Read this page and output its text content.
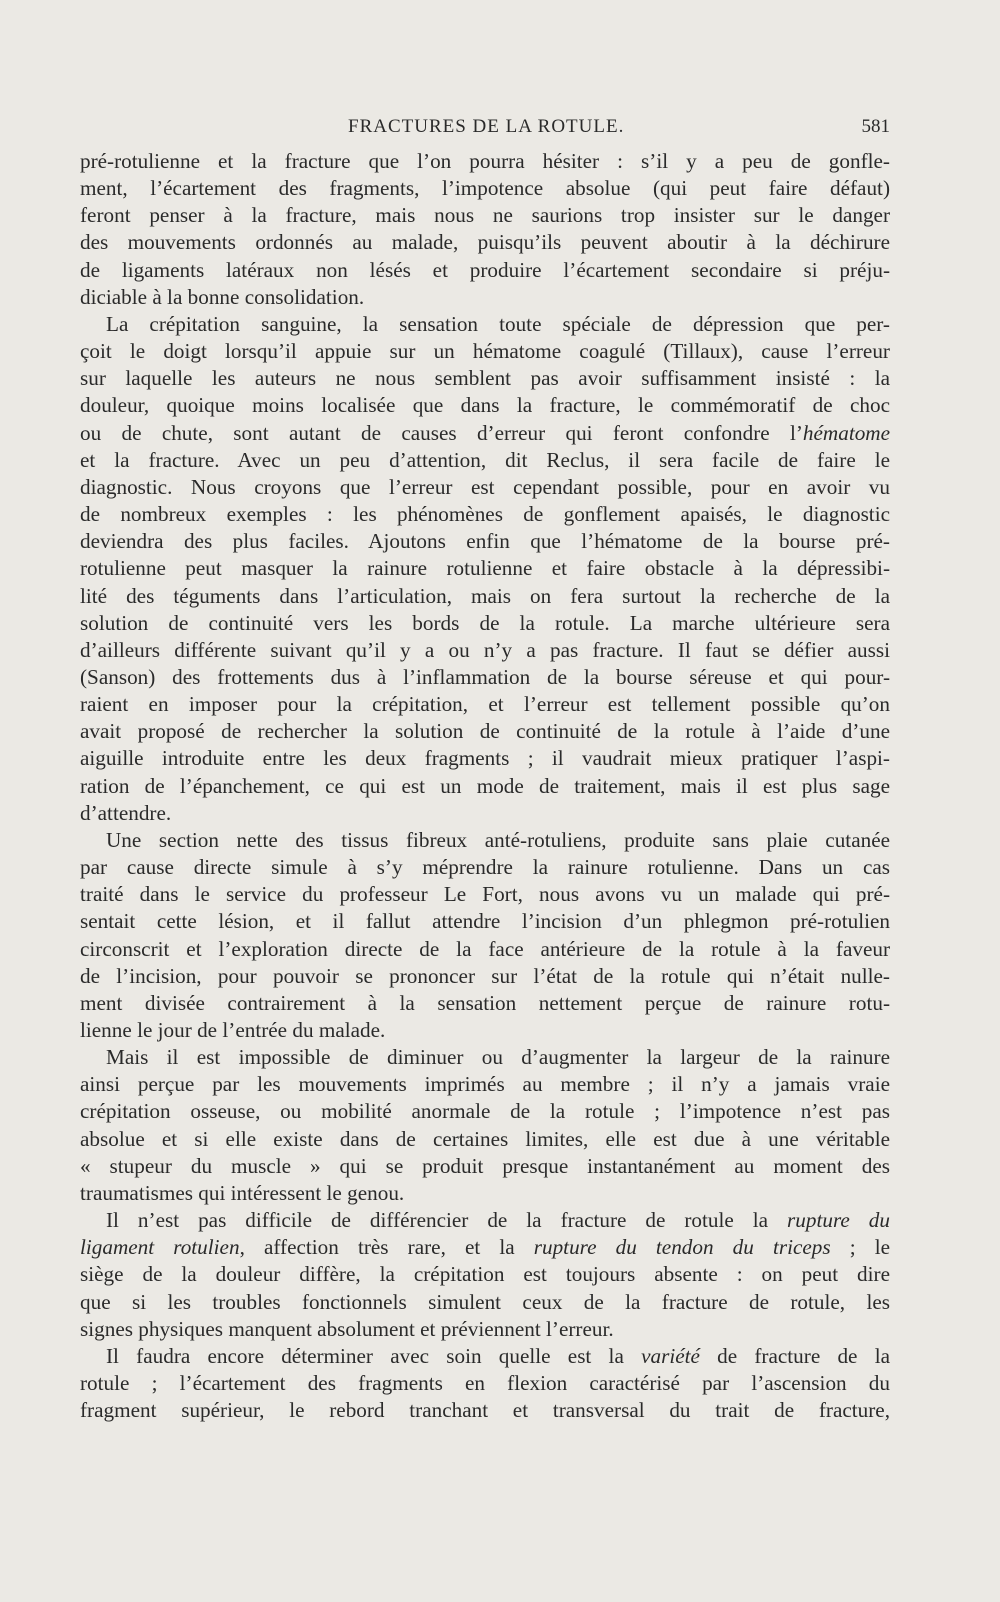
FRACTURES DE LA ROTULE.	581
pré-rotulienne et la fracture que l’on pourra hésiter : s’il y a peu de gonfle-
ment, l’écartement des fragments, l’impotence absolue (qui peut faire défaut)
feront penser à la fracture, mais nous ne saurions trop insister sur le danger
des mouvements ordonnés au malade, puisqu’ils peuvent aboutir à la déchirure
de ligaments latéraux non lésés et produire l’écartement secondaire si préju-
diciable à la bonne consolidation.
La crépitation sanguine, la sensation toute spéciale de dépression que per-
çoit le doigt lorsqu’il appuie sur un hématome coagulé (Tillaux), cause l’erreur
sur laquelle les auteurs ne nous semblent pas avoir suffisamment insisté : la
douleur, quoique moins localisée que dans la fracture, le commémoratif de choc
ou de chute, sont autant de causes d’erreur qui feront confondre l’hématome
et la fracture. Avec un peu d’attention, dit Reclus, il sera facile de faire le
diagnostic. Nous croyons que l’erreur est cependant possible, pour en avoir vu
de nombreux exemples : les phénomènes de gonflement apaisés, le diagnostic
deviendra des plus faciles. Ajoutons enfin que l’hématome de la bourse pré-
rotulienne peut masquer la rainure rotulienne et faire obstacle à la dépressibi-
lité des téguments dans l’articulation, mais on fera surtout la recherche de la
solution de continuité vers les bords de la rotule. La marche ultérieure sera
d’ailleurs différente suivant qu’il y a ou n’y a pas fracture. Il faut se défier aussi
(Sanson) des frottements dus à l’inflammation de la bourse séreuse et qui pour-
raient en imposer pour la crépitation, et l’erreur est tellement possible qu’on
avait proposé de rechercher la solution de continuité de la rotule à l’aide d’une
aiguille introduite entre les deux fragments ; il vaudrait mieux pratiquer l’aspi-
ration de l’épanchement, ce qui est un mode de traitement, mais il est plus sage
d’attendre.
Une section nette des tissus fibreux anté-rotuliens, produite sans plaie cutanée
par cause directe simule à s’y méprendre la rainure rotulienne. Dans un cas
traité dans le service du professeur Le Fort, nous avons vu un malade qui pré-
sentait cette lésion, et il fallut attendre l’incision d’un phlegmon pré-rotulien
circonscrit et l’exploration directe de la face antérieure de la rotule à la faveur
de l’incision, pour pouvoir se prononcer sur l’état de la rotule qui n’était nulle-
ment divisée contrairement à la sensation nettement perçue de rainure rotu-
lienne le jour de l’entrée du malade.
Mais il est impossible de diminuer ou d’augmenter la largeur de la rainure
ainsi perçue par les mouvements imprimés au membre ; il n’y a jamais vraie
crépitation osseuse, ou mobilité anormale de la rotule ; l’impotence n’est pas
absolue et si elle existe dans de certaines limites, elle est due à une véritable
« stupeur du muscle » qui se produit presque instantanément au moment des
traumatismes qui intéressent le genou.
Il n’est pas difficile de différencier de la fracture de rotule la rupture du
ligament rotulien, affection très rare, et la rupture du tendon du triceps ; le
siège de la douleur diffère, la crépitation est toujours absente : on peut dire
que si les troubles fonctionnels simulent ceux de la fracture de rotule, les
signes physiques manquent absolument et préviennent l’erreur.
Il faudra encore déterminer avec soin quelle est la variété de fracture de la
rotule ; l’écartement des fragments en flexion caractérisé par l’ascension du
fragment supérieur, le rebord tranchant et transversal du trait de fracture,
